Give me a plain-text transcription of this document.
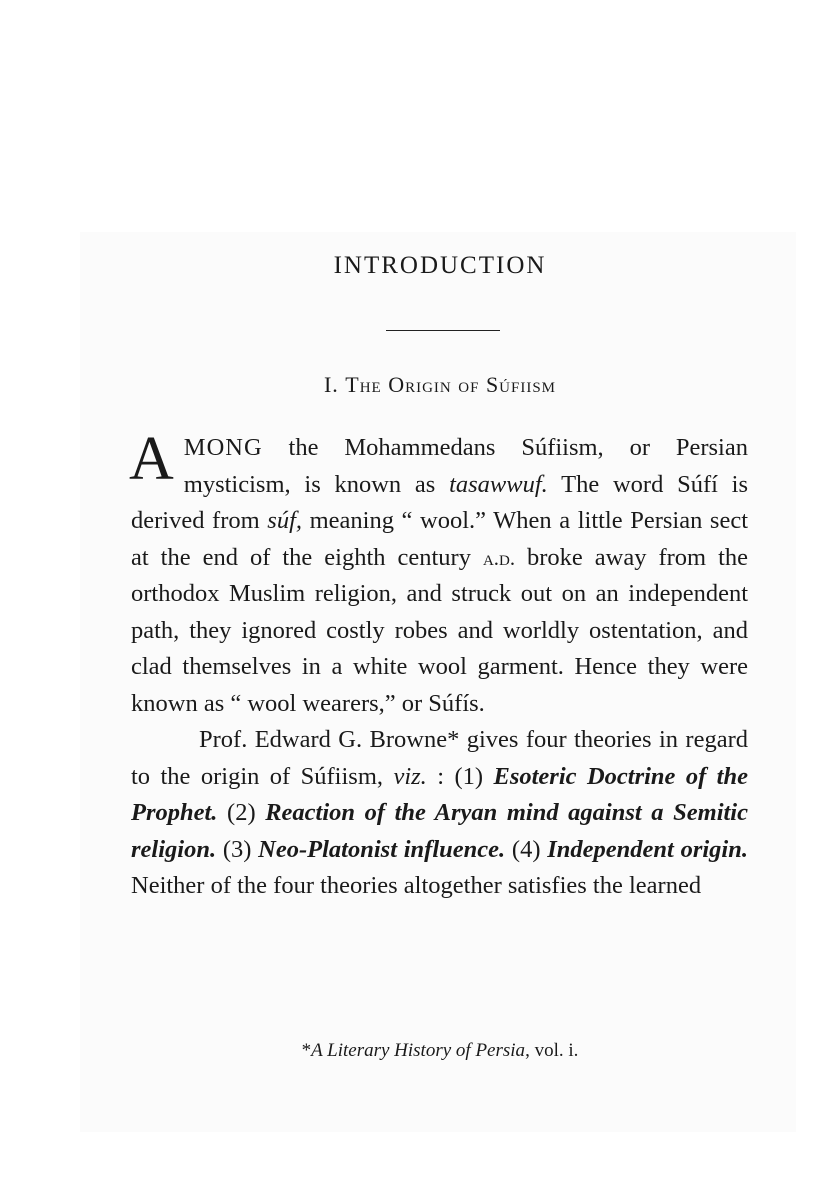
INTRODUCTION
I. The Origin of Súfiism

AMONG the Mohammedans Súfiism, or Persian mysticism, is known as tasawwuf. The word Súfí is derived from súf, meaning “ wool.” When a little Persian sect at the end of the eighth century a.d. broke away from the orthodox Muslim religion, and struck out on an independent path, they ignored costly robes and worldly ostentation, and clad themselves in a white wool garment. Hence they were known as “ wool wearers,” or Súfís.

Prof. Edward G. Browne* gives four theories in regard to the origin of Súfiism, viz. : (1) Esoteric Doctrine of the Prophet. (2) Reaction of the Aryan mind against a Semitic religion. (3) Neo-Platonist influence. (4) Independent origin. Neither of the four theories altogether satisfies the learned

*A Literary History of Persia, vol. i.
